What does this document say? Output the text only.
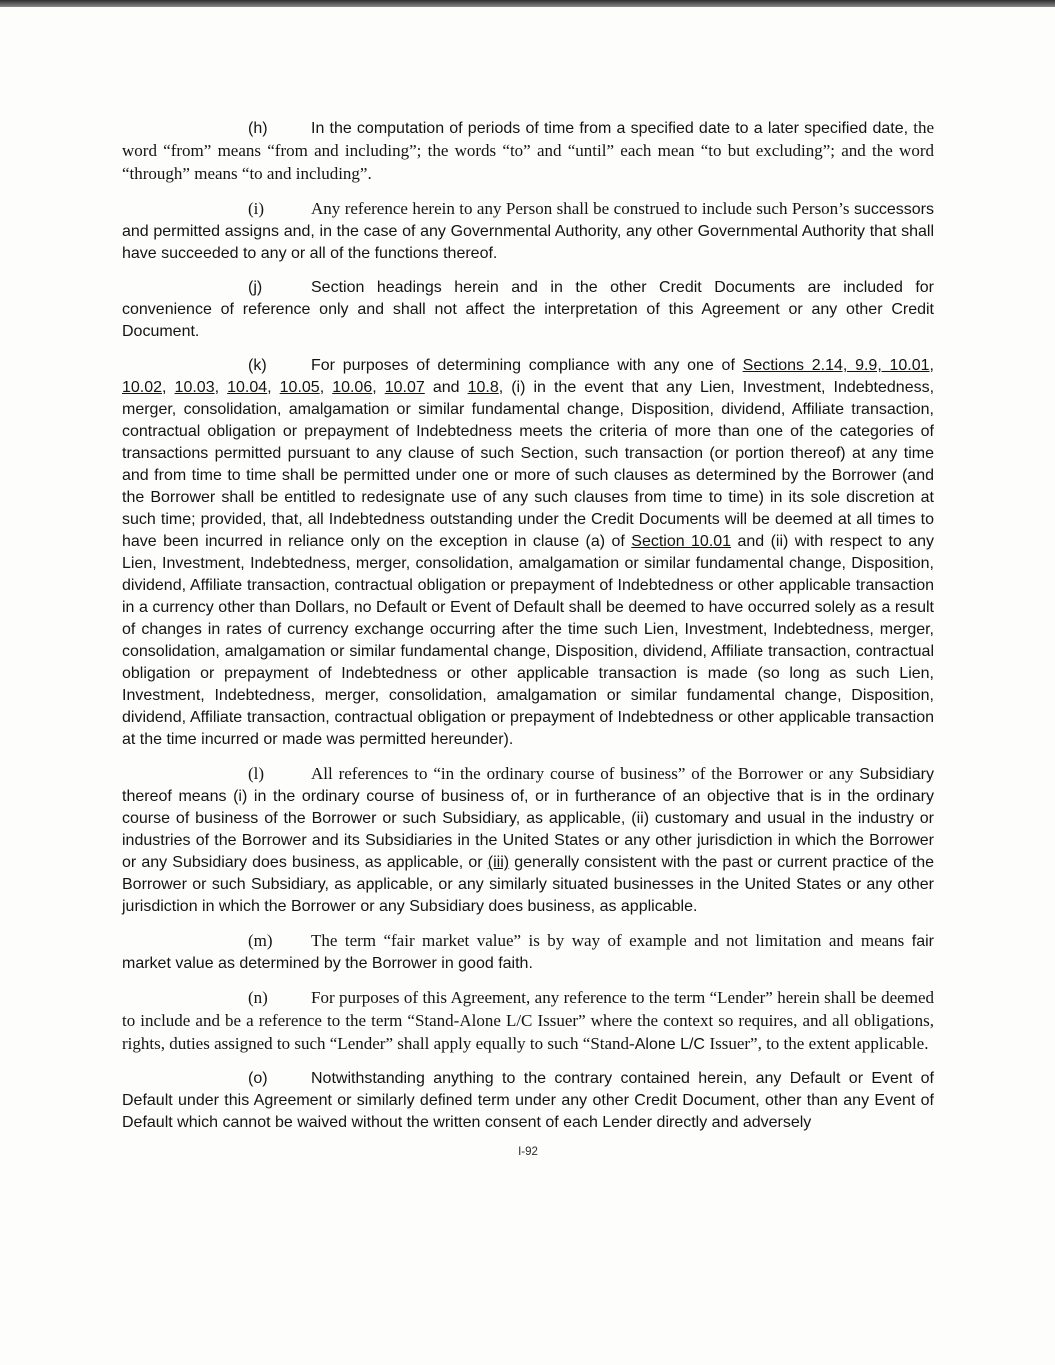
(h)	In the computation of periods of time from a specified date to a later specified date, the word “from” means “from and including”; the words “to” and “until” each mean “to but excluding”; and the word “through” means “to and including”.

(i)	Any reference herein to any Person shall be construed to include such Person’s successors and permitted assigns and, in the case of any Governmental Authority, any other Governmental Authority that shall have succeeded to any or all of the functions thereof.

(j)	Section headings herein and in the other Credit Documents are included for convenience of reference only and shall not affect the interpretation of this Agreement or any other Credit Document.

(k)	For purposes of determining compliance with any one of Sections 2.14, 9.9, 10.01, 10.02, 10.03, 10.04, 10.05, 10.06, 10.07 and 10.8, (i) in the event that any Lien, Investment, Indebtedness, merger, consolidation, amalgamation or similar fundamental change, Disposition, dividend, Affiliate transaction, contractual obligation or prepayment of Indebtedness meets the criteria of more than one of the categories of transactions permitted pursuant to any clause of such Section, such transaction (or portion thereof) at any time and from time to time shall be permitted under one or more of such clauses as determined by the Borrower (and the Borrower shall be entitled to redesignate use of any such clauses from time to time) in its sole discretion at such time; provided, that, all Indebtedness outstanding under the Credit Documents will be deemed at all times to have been incurred in reliance only on the exception in clause (a) of Section 10.01 and (ii) with respect to any Lien, Investment, Indebtedness, merger, consolidation, amalgamation or similar fundamental change, Disposition, dividend, Affiliate transaction, contractual obligation or prepayment of Indebtedness or other applicable transaction in a currency other than Dollars, no Default or Event of Default shall be deemed to have occurred solely as a result of changes in rates of currency exchange occurring after the time such Lien, Investment, Indebtedness, merger, consolidation, amalgamation or similar fundamental change, Disposition, dividend, Affiliate transaction, contractual obligation or prepayment of Indebtedness or other applicable transaction is made (so long as such Lien, Investment, Indebtedness, merger, consolidation, amalgamation or similar fundamental change, Disposition, dividend, Affiliate transaction, contractual obligation or prepayment of Indebtedness or other applicable transaction at the time incurred or made was permitted hereunder).

(l)	All references to “in the ordinary course of business” of the Borrower or any Subsidiary thereof means (i) in the ordinary course of business of, or in furtherance of an objective that is in the ordinary course of business of the Borrower or such Subsidiary, as applicable, (ii) customary and usual in the industry or industries of the Borrower and its Subsidiaries in the United States or any other jurisdiction in which the Borrower or any Subsidiary does business, as applicable, or (iii) generally consistent with the past or current practice of the Borrower or such Subsidiary, as applicable, or any similarly situated businesses in the United States or any other jurisdiction in which the Borrower or any Subsidiary does business, as applicable.

(m) The term “fair market value” is by way of example and not limitation and means fair market value as determined by the Borrower in good faith.

(n)	For purposes of this Agreement, any reference to the term “Lender” herein shall be deemed to include and be a reference to the term “Stand-Alone L/C Issuer” where the context so requires, and all obligations, rights, duties assigned to such “Lender” shall apply equally to such “Stand-Alone L/C Issuer”, to the extent applicable.

(o)	Notwithstanding anything to the contrary contained herein, any Default or Event of Default under this Agreement or similarly defined term under any other Credit Document, other than any Event of Default which cannot be waived without the written consent of each Lender directly and adversely

I-92
